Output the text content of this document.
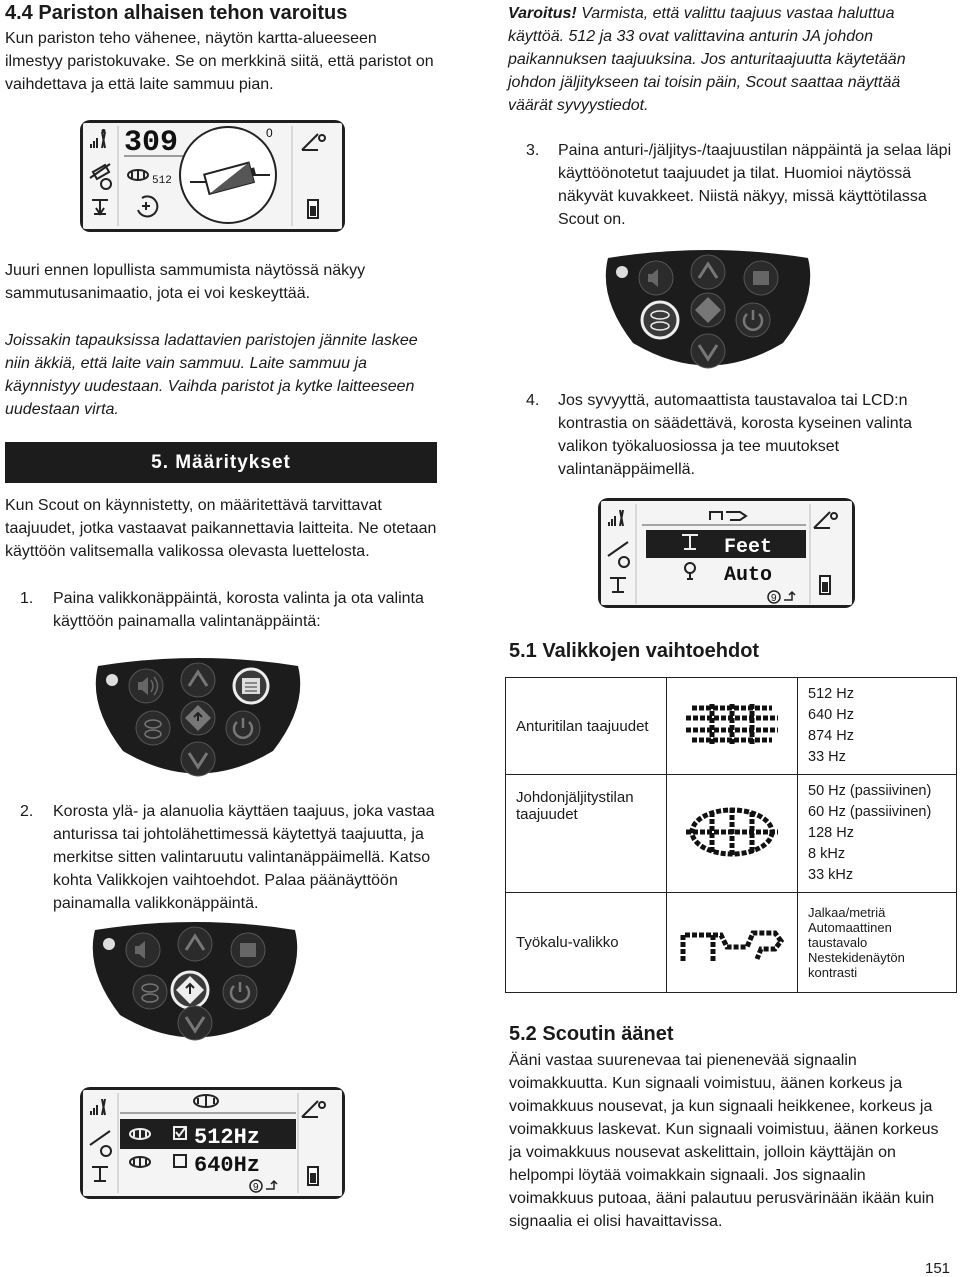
4.4 Pariston alhaisen tehon varoitus
Kun pariston teho vähenee, näytön kartta-alueeseen ilmestyy paristokuvake. Se on merkkinä siitä, että paristot on vaihdettava ja että laite sammuu pian.
309
512
0
Juuri ennen lopullista sammumista näytössä näkyy sammutusanimaatio, jota ei voi keskeyttää.
Joissakin tapauksissa ladattavien paristojen jännite laskee niin äkkiä, että laite vain sammuu. Laite sammuu ja käynnistyy uudestaan. Vaihda paristot ja kytke laitteeseen uudestaan virta.
5. Määritykset
Kun Scout on käynnistetty, on määritettävä tarvittavat taajuudet, jotka vastaavat paikannettavia laitteita. Ne otetaan käyttöön valitsemalla valikossa olevasta luettelosta.
1. Paina valikkonäppäintä, korosta valinta ja ota valinta käyttöön painamalla valintanäppäintä:
2. Korosta ylä- ja alanuolia käyttäen taajuus, joka vastaa anturissa tai johtolähettimessä käytettyä taajuutta, ja merkitse sitten valintaruutu valintanäppäimellä. Katso kohta Valikkojen vaihtoehdot. Palaa päänäyttöön painamalla valikkonäppäintä.
512Hz
640Hz
9
Varoitus! Varmista, että valittu taajuus vastaa haluttua käyttöä. 512 ja 33 ovat valittavina anturin JA johdon paikannuksen taajuuksina. Jos anturitaajuutta käytetään johdon jäljitykseen tai toisin päin, Scout saattaa näyttää väärät syvyystiedot.
3. Paina anturi-/jäljitys-/taajuustilan näppäintä ja selaa läpi käyttöönotetut taajuudet ja tilat. Huomioi näytössä näkyvät kuvakkeet. Niistä näkyy, missä käyttötilassa Scout on.
4. Jos syvyyttä, automaattista taustavaloa tai LCD:n kontrastia on säädettävä, korosta kyseinen valinta valikon työkaluosiossa ja tee muutokset valintanäppäimellä.
Feet
Auto
9
5.1 Valikkojen vaihtoehdot
Anturitilan taajuudet		512 Hz
640 Hz
874 Hz
33 Hz

Johdonjäljitystilan taajuudet		50 Hz (passiivinen)
60 Hz (passiivinen)
128 Hz
8 kHz
33 kHz

Työkalu-valikko		Jalkaa/metriä
Automaattinen taustavalo
Nestekidenäytön kontrasti
5.2 Scoutin äänet
Ääni vastaa suurenevaa tai pienenevää signaalin voimakkuutta. Kun signaali voimistuu, äänen korkeus ja voimakkuus nousevat, ja kun signaali heikkenee, korkeus ja voimakkuus laskevat. Kun signaali voimistuu, äänen korkeus ja voimakkuus nousevat askelittain, jolloin käyttäjän on helpompi löytää voimakkain signaali. Jos signaalin voimakkuus putoaa, ääni palautuu perusvärinään ikään kuin signaalia ei olisi havaittavissa.
151
